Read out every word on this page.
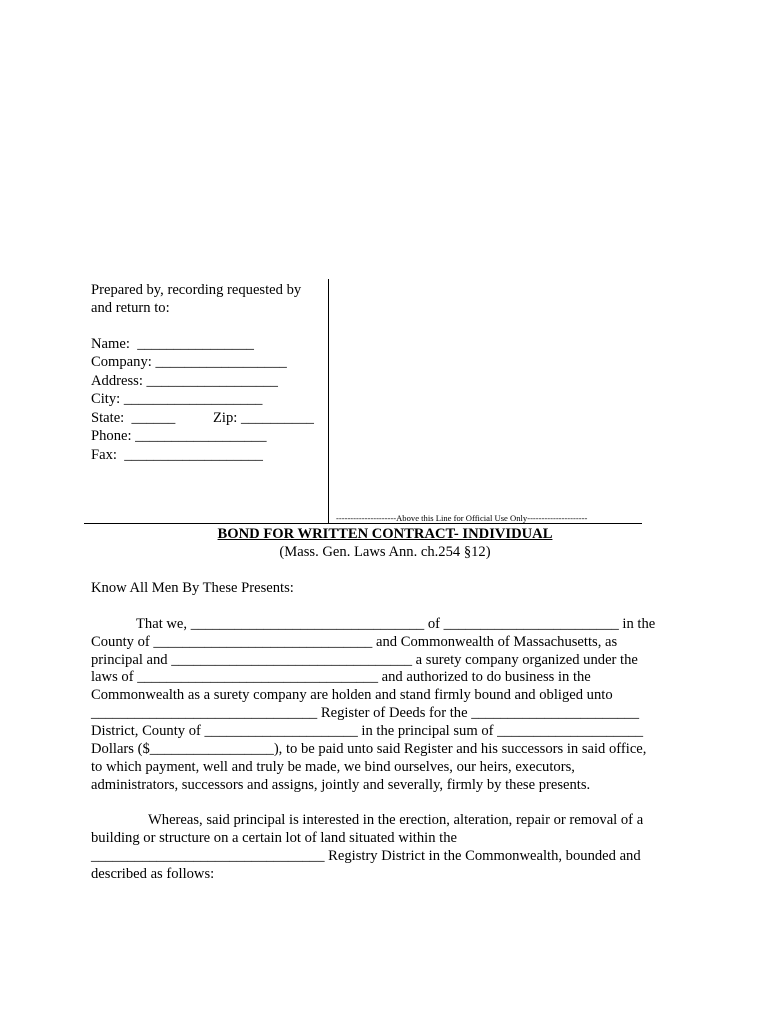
Prepared by, recording requested by
and return to:
Name:  ________________
Company: __________________
Address: __________________
City: ___________________
State:  ______	Zip: __________
Phone: __________________
Fax:  ___________________
---------------------Above this Line for Official Use Only---------------------
BOND FOR WRITTEN CONTRACT- INDIVIDUAL
(Mass. Gen. Laws Ann. ch.254 §12)
Know All Men By These Presents:
That we, ________________________________ of ________________________ in the
County of ______________________________ and Commonwealth of Massachusetts, as
principal and _________________________________ a surety company organized under the
laws of _________________________________ and authorized to do business in the
Commonwealth as a surety company are holden and stand firmly bound and obliged unto
_______________________________ Register of Deeds for the _______________________
District, County of _____________________ in the principal sum of ____________________
Dollars ($_________________), to be paid unto said Register and his successors in said office,
to which payment, well and truly be made, we bind ourselves, our heirs, executors,
administrators, successors and assigns, jointly and severally, firmly by these presents.
Whereas, said principal is interested in the erection, alteration, repair or removal of a
building or structure on a certain lot of land situated within the
________________________________ Registry District in the Commonwealth, bounded and
described as follows:
